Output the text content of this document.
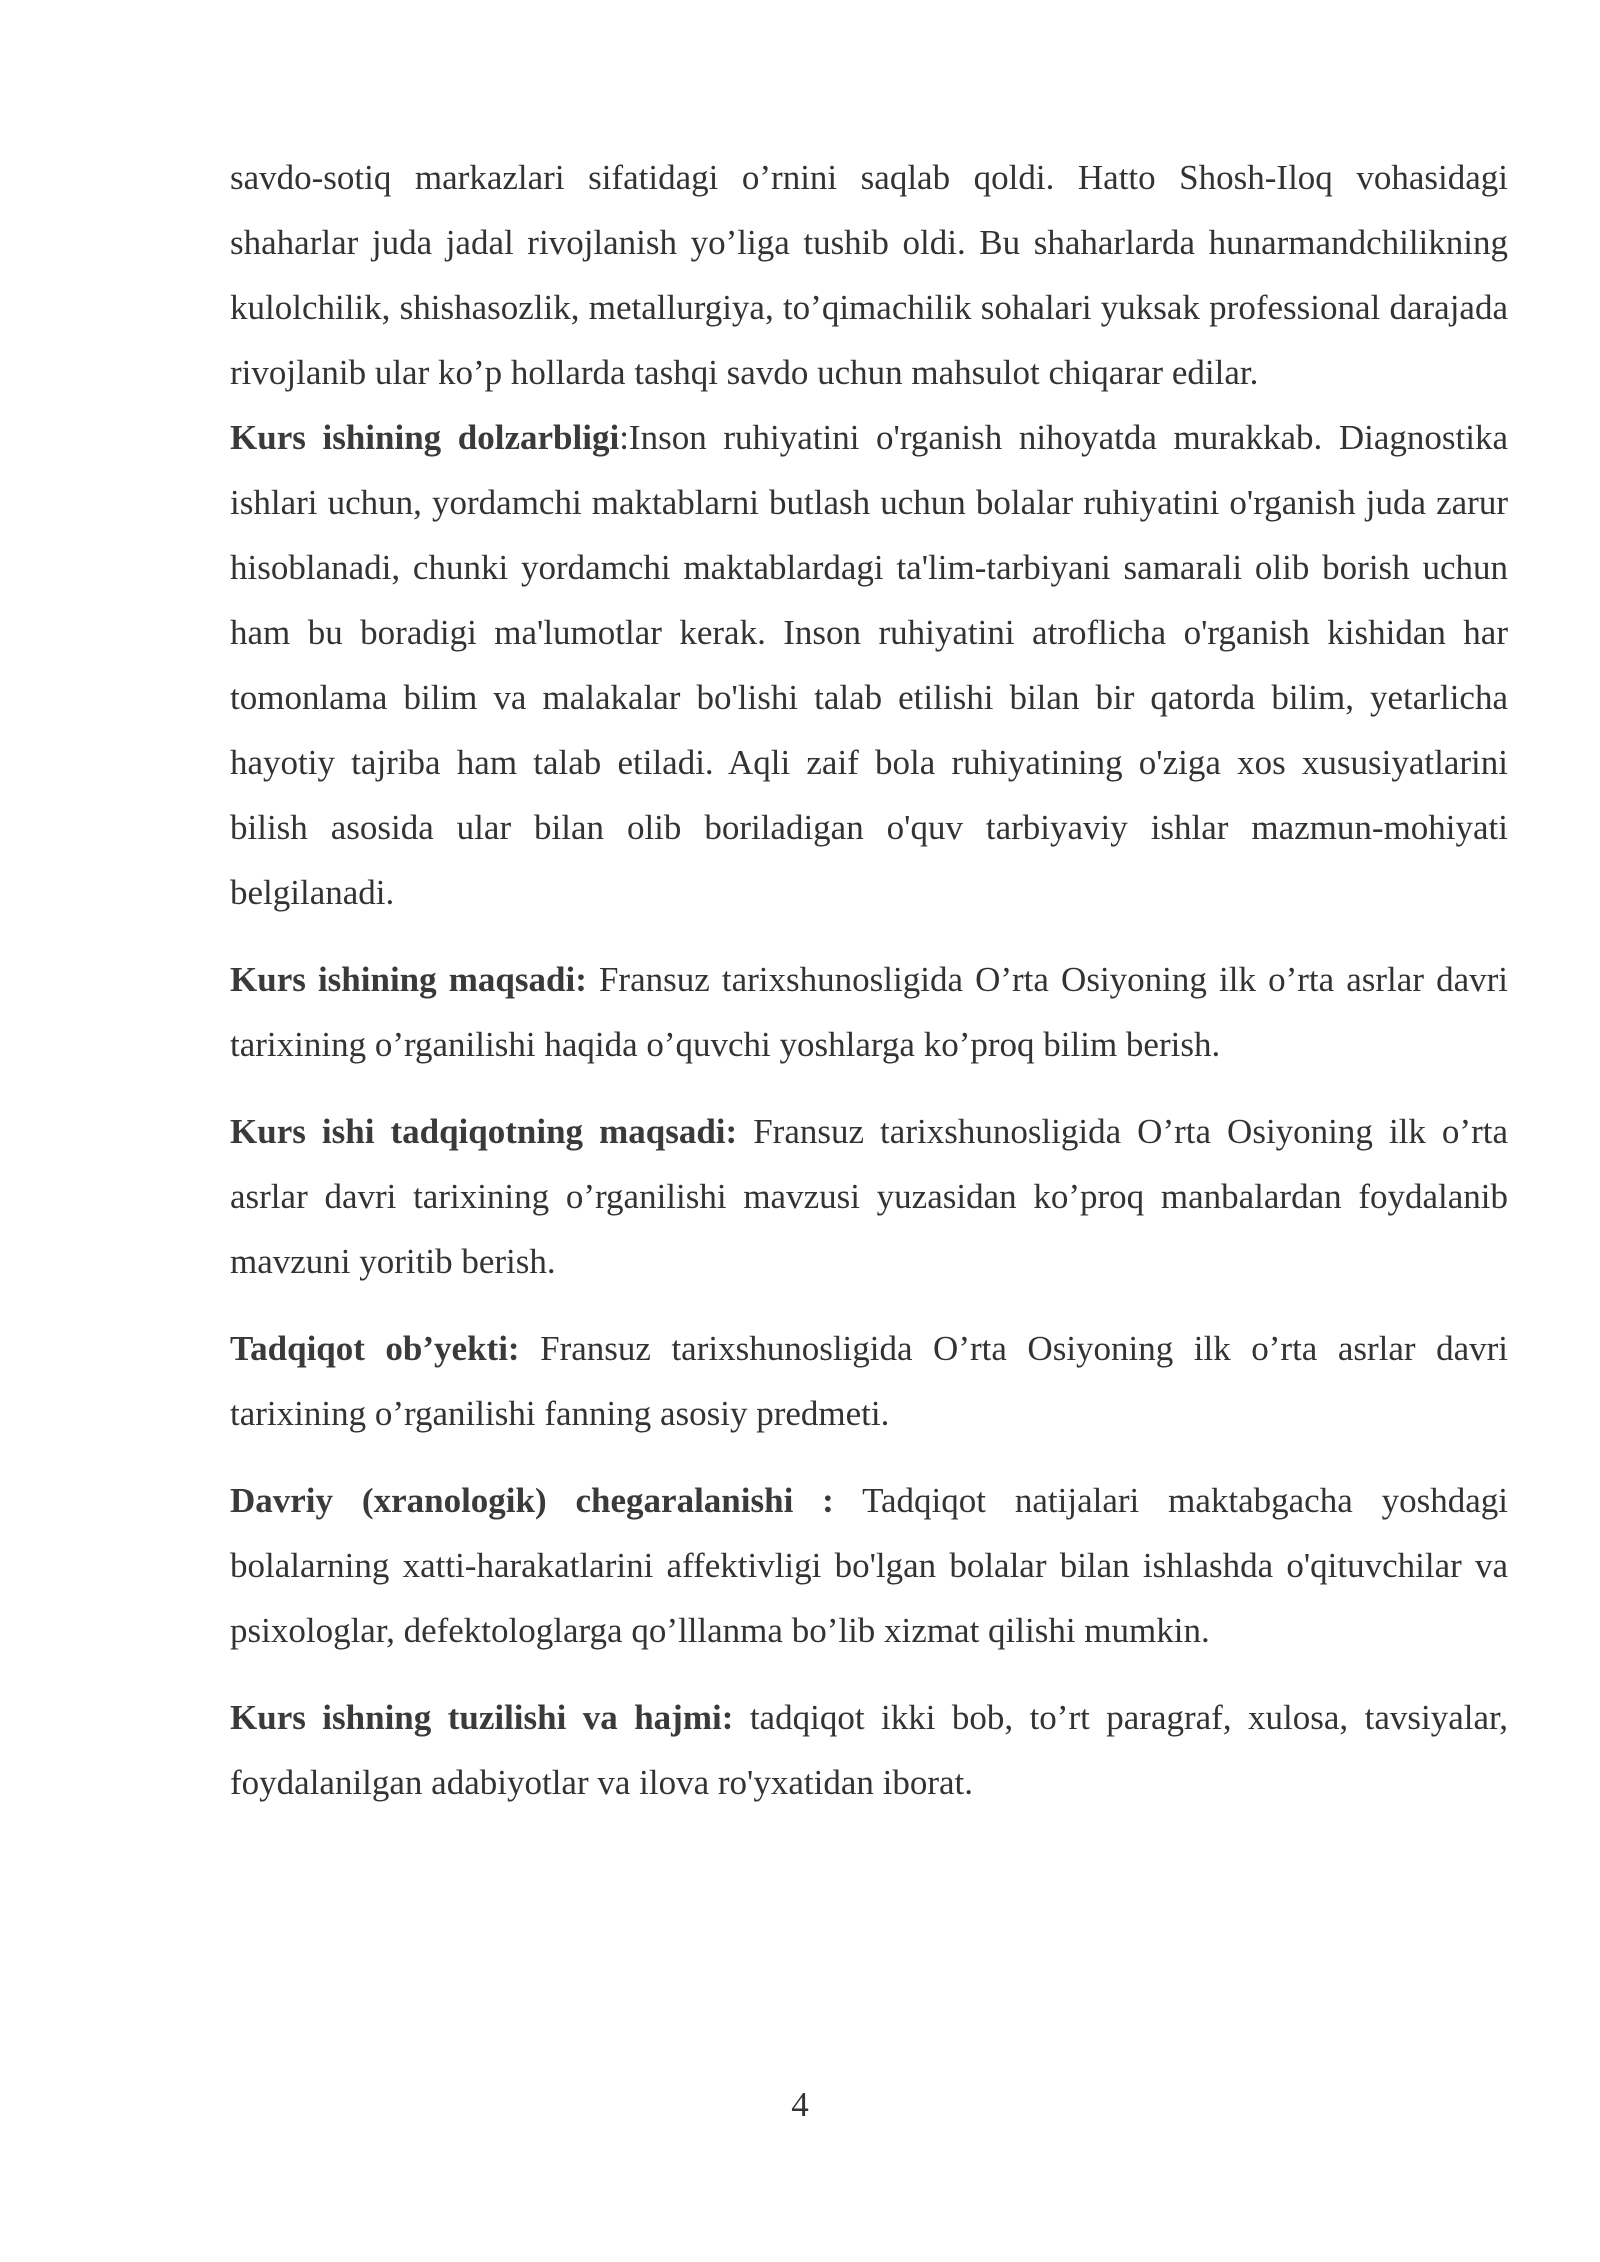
savdo-sotiq markazlari sifatidagi o’rnini saqlab qoldi. Hatto Shosh-Iloq vohasidagi shaharlar juda jadal rivojlanish yo’liga tushib oldi. Bu shaharlarda hunarmandchilikning kulolchilik, shishasozlik, metallurgiya, to’qimachilik sohalari yuksak professional darajada rivojlanib ular ko’p hollarda tashqi savdo uchun mahsulot chiqarar edilar.

Kurs ishining dolzarbligi:Inson ruhiyatini o'rganish nihoyatda murakkab. Diagnostika ishlari uchun, yordamchi maktablarni butlash uchun bolalar ruhiyatini o'rganish juda zarur hisoblanadi, chunki yordamchi maktablardagi ta'lim-tarbiyani samarali olib borish uchun ham bu boradigi ma'lumotlar kerak. Inson ruhiyatini atroflicha o'rganish kishidan har tomonlama bilim va malakalar bo'lishi talab etilishi bilan bir qatorda bilim, yetarlicha hayotiy tajriba ham talab etiladi. Aqli zaif bola ruhiyatining o'ziga xos xususiyatlarini bilish asosida ular bilan olib boriladigan o'quv tarbiyaviy ishlar mazmun-mohiyati belgilanadi.

Kurs ishining maqsadi: Fransuz tarixshunosligida O’rta Osiyoning ilk o’rta asrlar davri tarixining o’rganilishi haqida o’quvchi yoshlarga ko’proq bilim berish.

Kurs ishi tadqiqotning maqsadi: Fransuz tarixshunosligida O’rta Osiyoning ilk o’rta asrlar davri tarixining o’rganilishi mavzusi yuzasidan ko’proq manbalardan foydalanib mavzuni yoritib berish.

Tadqiqot ob’yekti: Fransuz tarixshunosligida O’rta Osiyoning ilk o’rta asrlar davri tarixining o’rganilishi fanning asosiy predmeti.

Davriy (xranologik) chegaralanishi : Tadqiqot natijalari maktabgacha yoshdagi bolalarning xatti-harakatlarini affektivligi bo'lgan bolalar bilan ishlashda o'qituvchilar va psixologlar, defektologlarga qo’lllanma bo’lib xizmat qilishi mumkin.

Kurs ishning tuzilishi va hajmi: tadqiqot ikki bob, to’rt paragraf, xulosa, tavsiyalar, foydalanilgan adabiyotlar va ilova ro'yxatidan iborat.

4
